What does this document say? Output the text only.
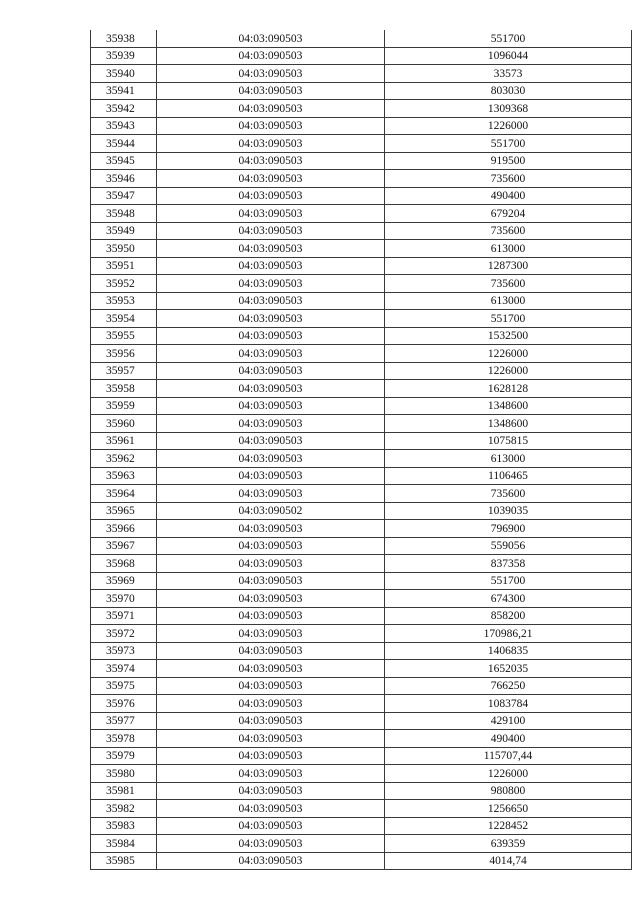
35938	04:03:090503	551700
35939	04:03:090503	1096044
35940	04:03:090503	33573
35941	04:03:090503	803030
35942	04:03:090503	1309368
35943	04:03:090503	1226000
35944	04:03:090503	551700
35945	04:03:090503	919500
35946	04:03:090503	735600
35947	04:03:090503	490400
35948	04:03:090503	679204
35949	04:03:090503	735600
35950	04:03:090503	613000
35951	04:03:090503	1287300
35952	04:03:090503	735600
35953	04:03:090503	613000
35954	04:03:090503	551700
35955	04:03:090503	1532500
35956	04:03:090503	1226000
35957	04:03:090503	1226000
35958	04:03:090503	1628128
35959	04:03:090503	1348600
35960	04:03:090503	1348600
35961	04:03:090503	1075815
35962	04:03:090503	613000
35963	04:03:090503	1106465
35964	04:03:090503	735600
35965	04:03:090502	1039035
35966	04:03:090503	796900
35967	04:03:090503	559056
35968	04:03:090503	837358
35969	04:03:090503	551700
35970	04:03:090503	674300
35971	04:03:090503	858200
35972	04:03:090503	170986,21
35973	04:03:090503	1406835
35974	04:03:090503	1652035
35975	04:03:090503	766250
35976	04:03:090503	1083784
35977	04:03:090503	429100
35978	04:03:090503	490400
35979	04:03:090503	115707,44
35980	04:03:090503	1226000
35981	04:03:090503	980800
35982	04:03:090503	1256650
35983	04:03:090503	1228452
35984	04:03:090503	639359
35985	04:03:090503	4014,74
